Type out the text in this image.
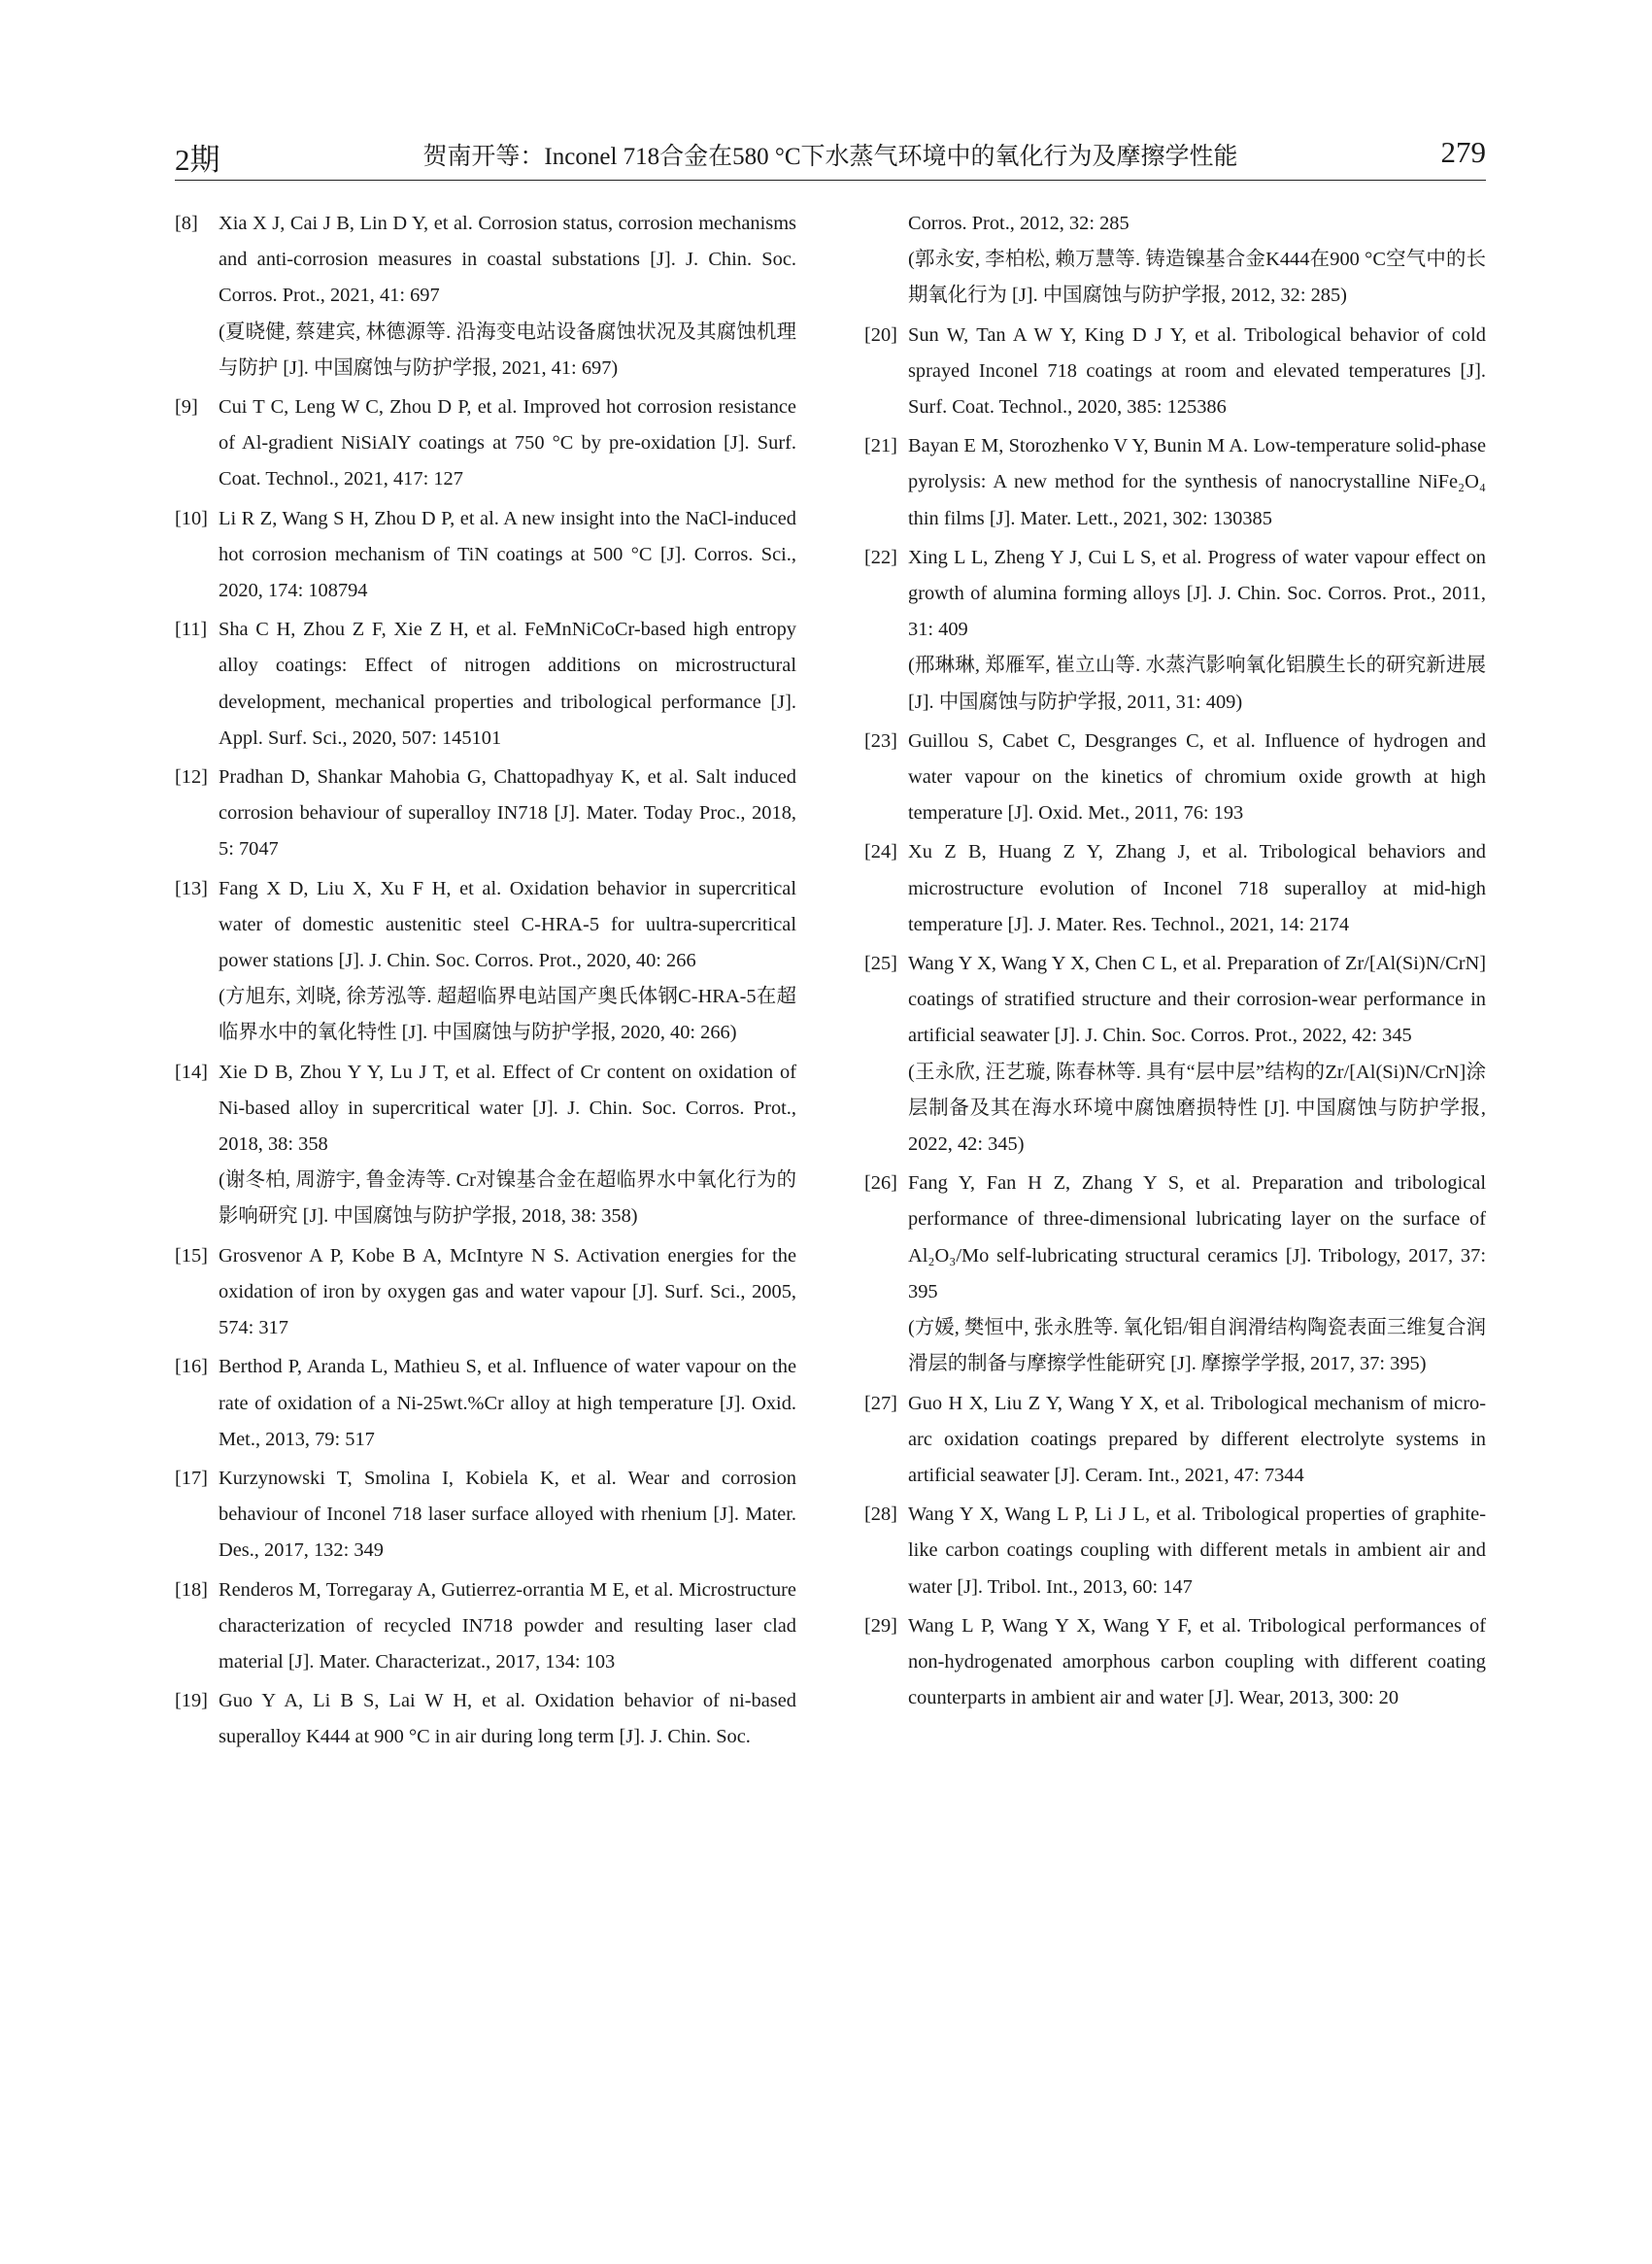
2期	贺南开等：Inconel 718合金在580 °C下水蒸气环境中的氧化行为及摩擦学性能	279
[8] Xia X J, Cai J B, Lin D Y, et al. Corrosion status, corrosion mechanisms and anti-corrosion measures in coastal substations [J]. J. Chin. Soc. Corros. Prot., 2021, 41: 697
(夏晓健, 蔡建宾, 林德源等. 沿海变电站设备腐蚀状况及其腐蚀机理与防护 [J]. 中国腐蚀与防护学报, 2021, 41: 697)
[9] Cui T C, Leng W C, Zhou D P, et al. Improved hot corrosion resistance of Al-gradient NiSiAlY coatings at 750 °C by pre-oxidation [J]. Surf. Coat. Technol., 2021, 417: 127
[10] Li R Z, Wang S H, Zhou D P, et al. A new insight into the NaCl-induced hot corrosion mechanism of TiN coatings at 500 °C [J]. Corros. Sci., 2020, 174: 108794
[11] Sha C H, Zhou Z F, Xie Z H, et al. FeMnNiCoCr-based high entropy alloy coatings: Effect of nitrogen additions on microstructural development, mechanical properties and tribological performance [J]. Appl. Surf. Sci., 2020, 507: 145101
[12] Pradhan D, Shankar Mahobia G, Chattopadhyay K, et al. Salt induced corrosion behaviour of superalloy IN718 [J]. Mater. Today Proc., 2018, 5: 7047
[13] Fang X D, Liu X, Xu F H, et al. Oxidation behavior in supercritical water of domestic austenitic steel C-HRA-5 for uultra-supercritical power stations [J]. J. Chin. Soc. Corros. Prot., 2020, 40: 266
(方旭东, 刘晓, 徐芳泓等. 超超临界电站国产奥氏体钢C-HRA-5在超临界水中的氧化特性 [J]. 中国腐蚀与防护学报, 2020, 40: 266)
[14] Xie D B, Zhou Y Y, Lu J T, et al. Effect of Cr content on oxidation of Ni-based alloy in supercritical water [J]. J. Chin. Soc. Corros. Prot., 2018, 38: 358
(谢冬柏, 周游宇, 鲁金涛等. Cr对镍基合金在超临界水中氧化行为的影响研究 [J]. 中国腐蚀与防护学报, 2018, 38: 358)
[15] Grosvenor A P, Kobe B A, McIntyre N S. Activation energies for the oxidation of iron by oxygen gas and water vapour [J]. Surf. Sci., 2005, 574: 317
[16] Berthod P, Aranda L, Mathieu S, et al. Influence of water vapour on the rate of oxidation of a Ni-25wt.%Cr alloy at high temperature [J]. Oxid. Met., 2013, 79: 517
[17] Kurzynowski T, Smolina I, Kobiela K, et al. Wear and corrosion behaviour of Inconel 718 laser surface alloyed with rhenium [J]. Mater. Des., 2017, 132: 349
[18] Renderos M, Torregaray A, Gutierrez-orrantia M E, et al. Microstructure characterization of recycled IN718 powder and resulting laser clad material [J]. Mater. Characterizat., 2017, 134: 103
[19] Guo Y A, Li B S, Lai W H, et al. Oxidation behavior of ni-based superalloy K444 at 900 °C in air during long term [J]. J. Chin. Soc.
Corros. Prot., 2012, 32: 285
(郭永安, 李柏松, 赖万慧等. 铸造镍基合金K444在900 °C空气中的长期氧化行为 [J]. 中国腐蚀与防护学报, 2012, 32: 285)
[20] Sun W, Tan A W Y, King D J Y, et al. Tribological behavior of cold sprayed Inconel 718 coatings at room and elevated temperatures [J]. Surf. Coat. Technol., 2020, 385: 125386
[21] Bayan E M, Storozhenko V Y, Bunin M A. Low-temperature solid-phase pyrolysis: A new method for the synthesis of nanocrystalline NiFe₂O₄ thin films [J]. Mater. Lett., 2021, 302: 130385
[22] Xing L L, Zheng Y J, Cui L S, et al. Progress of water vapour effect on growth of alumina forming alloys [J]. J. Chin. Soc. Corros. Prot., 2011, 31: 409
(邢琳琳, 郑雁军, 崔立山等. 水蒸汽影响氧化铝膜生长的研究新进展 [J]. 中国腐蚀与防护学报, 2011, 31: 409)
[23] Guillou S, Cabet C, Desgranges C, et al. Influence of hydrogen and water vapour on the kinetics of chromium oxide growth at high temperature [J]. Oxid. Met., 2011, 76: 193
[24] Xu Z B, Huang Z Y, Zhang J, et al. Tribological behaviors and microstructure evolution of Inconel 718 superalloy at mid-high temperature [J]. J. Mater. Res. Technol., 2021, 14: 2174
[25] Wang Y X, Wang Y X, Chen C L, et al. Preparation of Zr/[Al(Si)N/CrN] coatings of stratified structure and their corrosion-wear performance in artificial seawater [J]. J. Chin. Soc. Corros. Prot., 2022, 42: 345
(王永欣, 汪艺璇, 陈春林等. 具有“层中层”结构的Zr/[Al(Si)N/CrN]涂层制备及其在海水环境中腐蚀磨损特性 [J]. 中国腐蚀与防护学报, 2022, 42: 345)
[26] Fang Y, Fan H Z, Zhang Y S, et al. Preparation and tribological performance of three-dimensional lubricating layer on the surface of Al₂O₃/Mo self-lubricating structural ceramics [J]. Tribology, 2017, 37: 395
(方媛, 樊恒中, 张永胜等. 氧化铝/钼自润滑结构陶瓷表面三维复合润滑层的制备与摩擦学性能研究 [J]. 摩擦学学报, 2017, 37: 395)
[27] Guo H X, Liu Z Y, Wang Y X, et al. Tribological mechanism of micro-arc oxidation coatings prepared by different electrolyte systems in artificial seawater [J]. Ceram. Int., 2021, 47: 7344
[28] Wang Y X, Wang L P, Li J L, et al. Tribological properties of graphite-like carbon coatings coupling with different metals in ambient air and water [J]. Tribol. Int., 2013, 60: 147
[29] Wang L P, Wang Y X, Wang Y F, et al. Tribological performances of non-hydrogenated amorphous carbon coupling with different coating counterparts in ambient air and water [J]. Wear, 2013, 300: 20
